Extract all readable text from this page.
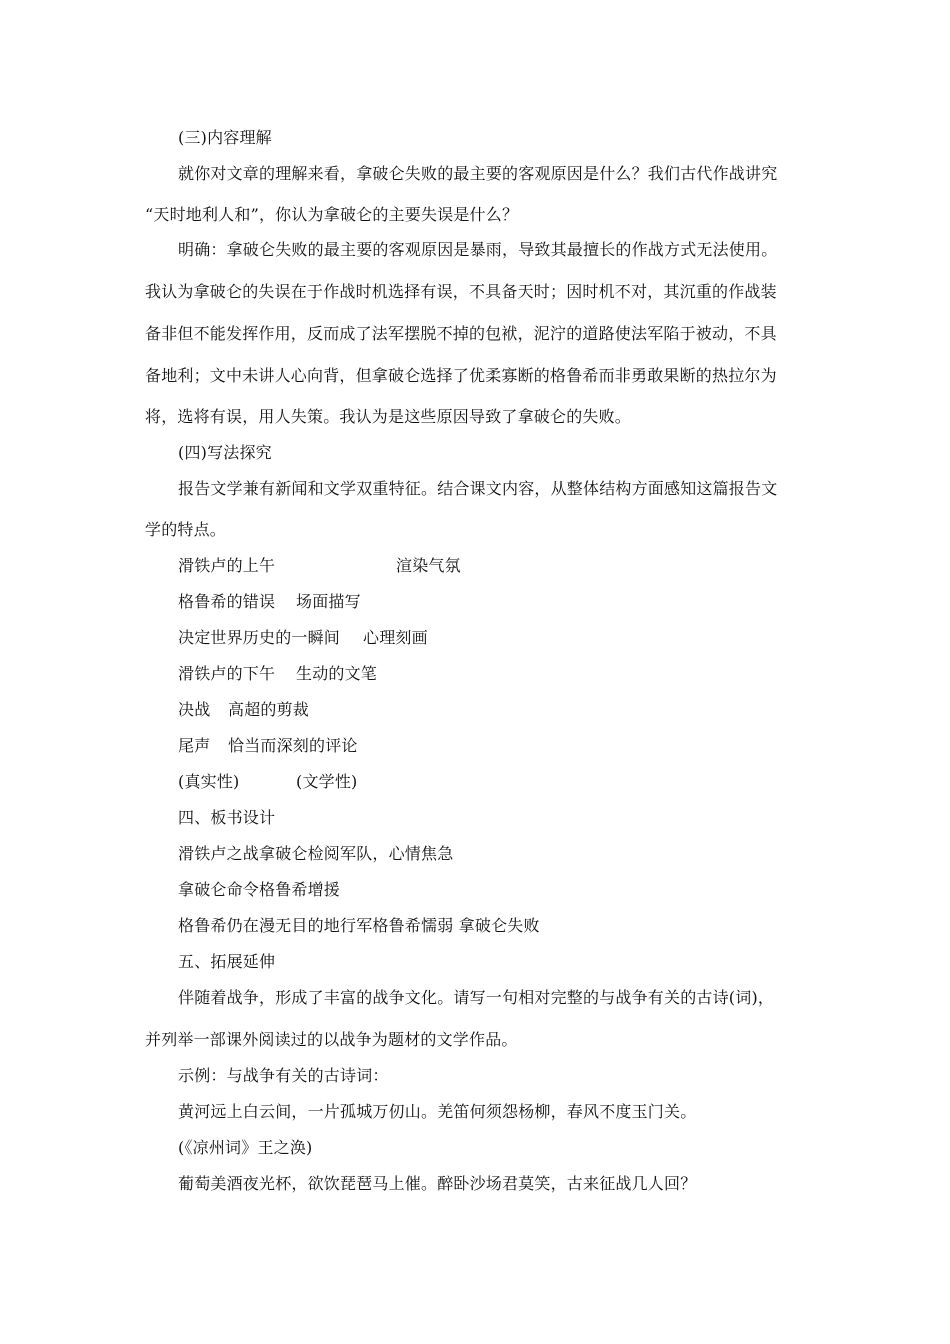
(三)内容理解
就你对文章的理解来看，拿破仑失败的最主要的客观原因是什么？我们古代作战讲究
“天时地利人和”，你认为拿破仑的主要失误是什么？
明确：拿破仑失败的最主要的客观原因是暴雨，导致其最擅长的作战方式无法使用。
我认为拿破仑的失误在于作战时机选择有误，不具备天时；因时机不对，其沉重的作战装
备非但不能发挥作用，反而成了法军摆脱不掉的包袱，泥泞的道路使法军陷于被动，不具
备地利；文中未讲人心向背，但拿破仑选择了优柔寡断的格鲁希而非勇敢果断的热拉尔为
将，选将有误，用人失策。我认为是这些原因导致了拿破仑的失败。
(四)写法探究
报告文学兼有新闻和文学双重特征。结合课文内容，从整体结构方面感知这篇报告文
学的特点。
滑铁卢的上午	渲染气氛
格鲁希的错误 场面描写
决定世界历史的一瞬间 心理刻画
滑铁卢的下午 生动的文笔
决战 高超的剪裁
尾声 恰当而深刻的评论
(真实性)	(文学性)
四、板书设计
滑铁卢之战拿破仑检阅军队，心情焦急
拿破仑命令格鲁希增援
格鲁希仍在漫无目的地行军格鲁希懦弱 拿破仑失败
五、拓展延伸
伴随着战争，形成了丰富的战争文化。请写一句相对完整的与战争有关的古诗(词)，
并列举一部课外阅读过的以战争为题材的文学作品。
示例：与战争有关的古诗词：
黄河远上白云间，一片孤城万仞山。羌笛何须怨杨柳，春风不度玉门关。
(《凉州词》王之涣)
葡萄美酒夜光杯，欲饮琵琶马上催。醉卧沙场君莫笑，古来征战几人回？
